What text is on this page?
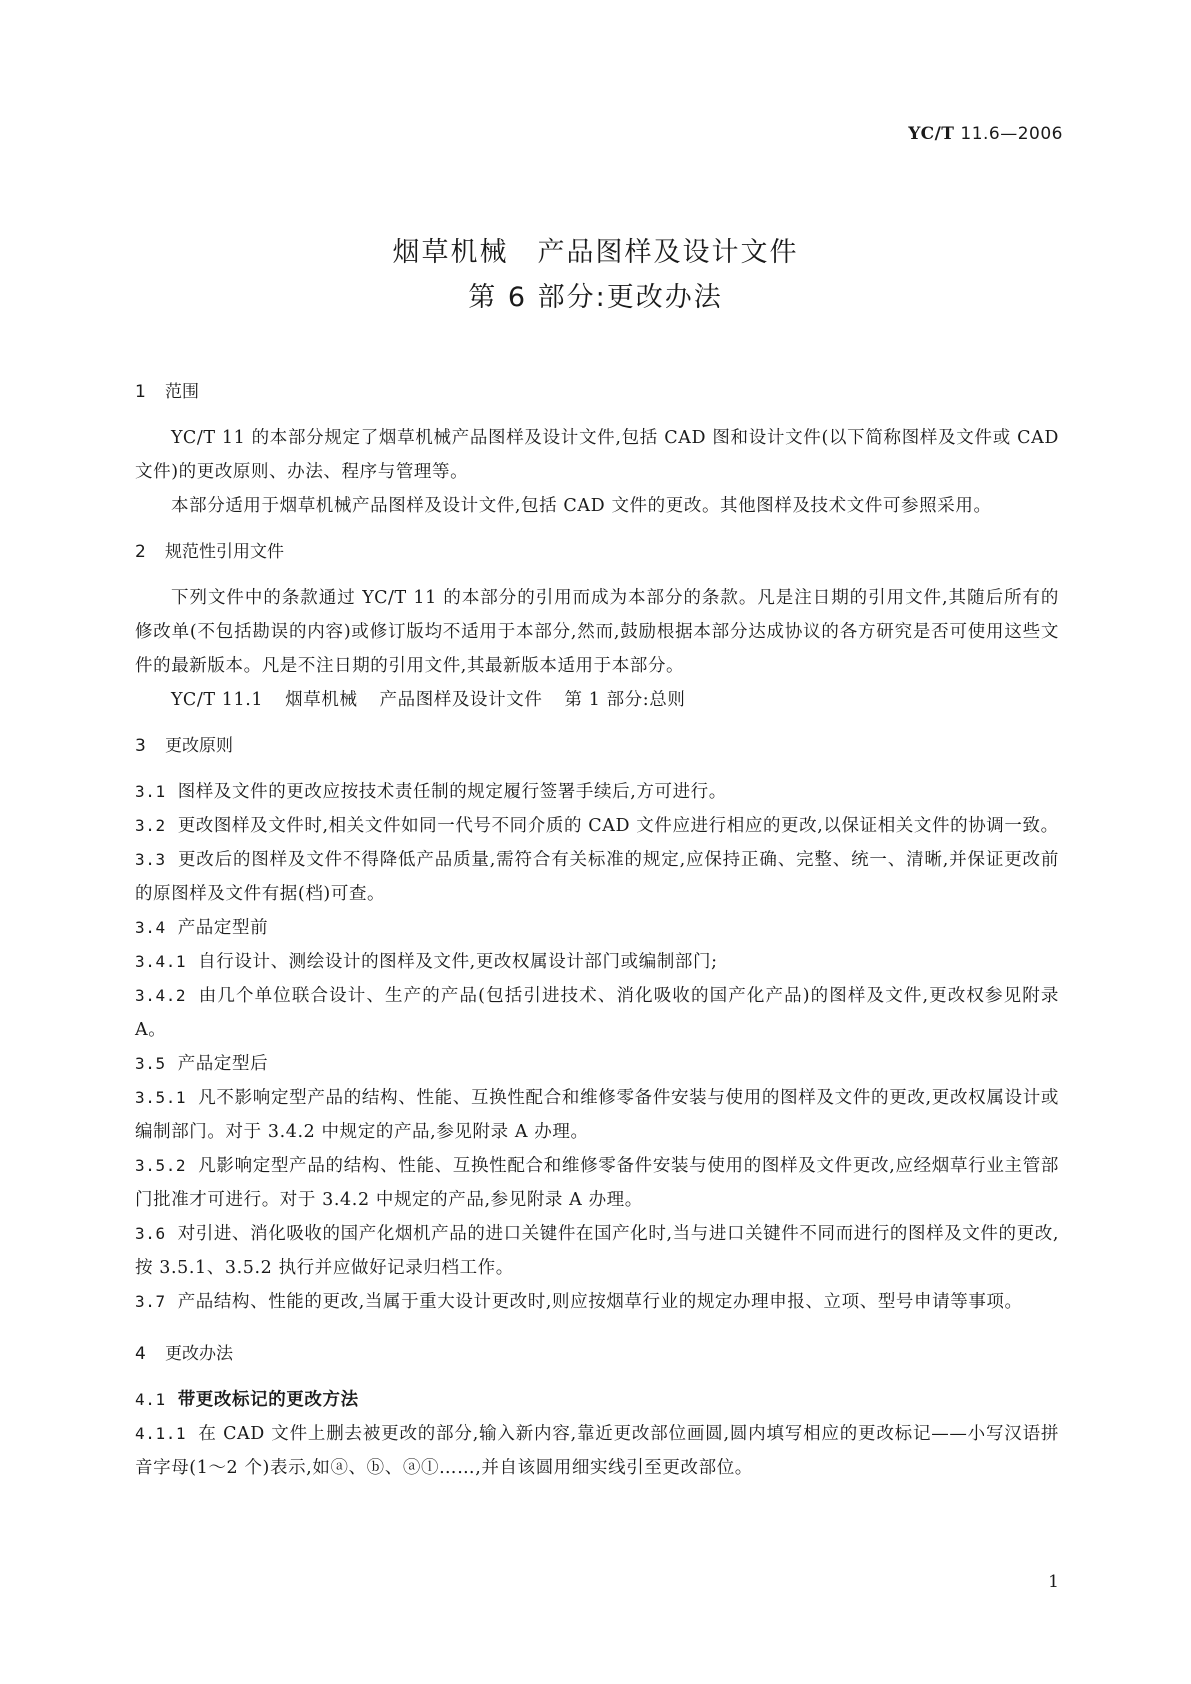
YC/T 11.6—2006
烟草机械　产品图样及设计文件
第 6 部分:更改办法

1 范围

YC/T 11 的本部分规定了烟草机械产品图样及设计文件,包括 CAD 图和设计文件(以下简称图样及文件或 CAD 文件)的更改原则、办法、程序与管理等。

本部分适用于烟草机械产品图样及设计文件,包括 CAD 文件的更改。其他图样及技术文件可参照采用。

2 规范性引用文件

下列文件中的条款通过 YC/T 11 的本部分的引用而成为本部分的条款。凡是注日期的引用文件,其随后所有的修改单(不包括勘误的内容)或修订版均不适用于本部分,然而,鼓励根据本部分达成协议的各方研究是否可使用这些文件的最新版本。凡是不注日期的引用文件,其最新版本适用于本部分。

YC/T 11.1 烟草机械 产品图样及设计文件 第 1 部分:总则

3 更改原则

3.1 图样及文件的更改应按技术责任制的规定履行签署手续后,方可进行。

3.2 更改图样及文件时,相关文件如同一代号不同介质的 CAD 文件应进行相应的更改,以保证相关文件的协调一致。

3.3 更改后的图样及文件不得降低产品质量,需符合有关标准的规定,应保持正确、完整、统一、清晰,并保证更改前的原图样及文件有据(档)可查。

3.4 产品定型前

3.4.1 自行设计、测绘设计的图样及文件,更改权属设计部门或编制部门;

3.4.2 由几个单位联合设计、生产的产品(包括引进技术、消化吸收的国产化产品)的图样及文件,更改权参见附录 A。

3.5 产品定型后

3.5.1 凡不影响定型产品的结构、性能、互换性配合和维修零备件安装与使用的图样及文件的更改,更改权属设计或编制部门。对于 3.4.2 中规定的产品,参见附录 A 办理。

3.5.2 凡影响定型产品的结构、性能、互换性配合和维修零备件安装与使用的图样及文件更改,应经烟草行业主管部门批准才可进行。对于 3.4.2 中规定的产品,参见附录 A 办理。

3.6 对引进、消化吸收的国产化烟机产品的进口关键件在国产化时,当与进口关键件不同而进行的图样及文件的更改,按 3.5.1、3.5.2 执行并应做好记录归档工作。

3.7 产品结构、性能的更改,当属于重大设计更改时,则应按烟草行业的规定办理申报、立项、型号申请等事项。

4 更改办法

4.1 带更改标记的更改方法

4.1.1 在 CAD 文件上删去被更改的部分,输入新内容,靠近更改部位画圆,圆内填写相应的更改标记——小写汉语拼音字母(1～2 个)表示,如ⓐ、ⓑ、ⓐⓛ……,并自该圆用细实线引至更改部位。

1
